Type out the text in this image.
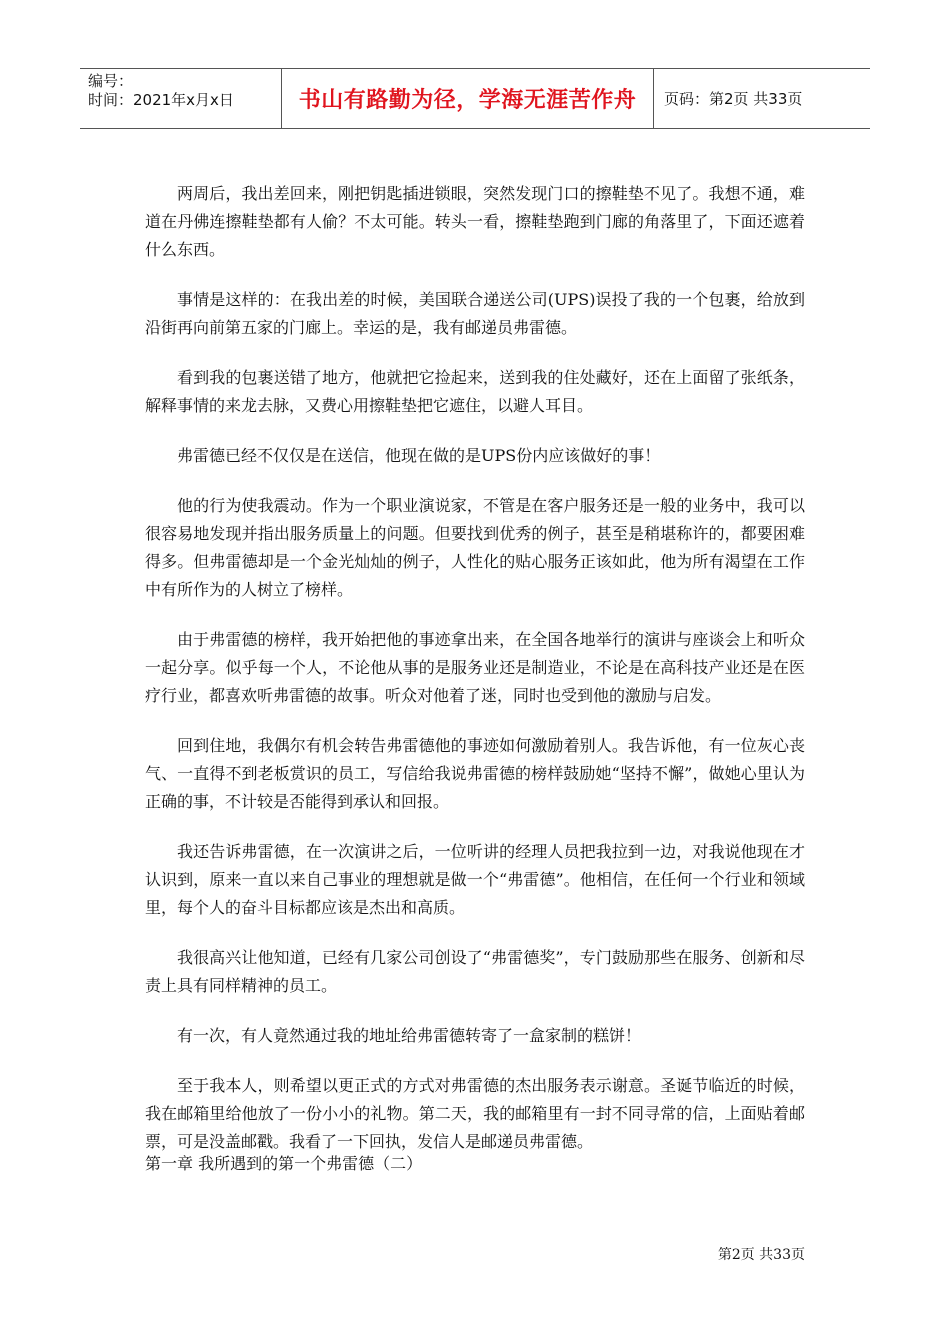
编号：
时间：2021年x月x日	书山有路勤为径，学海无涯苦作舟	页码：第2页 共33页

两周后，我出差回来，刚把钥匙插进锁眼，突然发现门口的擦鞋垫不见了。我想不通，难道在丹佛连擦鞋垫都有人偷？不太可能。转头一看，擦鞋垫跑到门廊的角落里了，下面还遮着什么东西。

事情是这样的：在我出差的时候，美国联合递送公司(UPS)误投了我的一个包裹，给放到沿街再向前第五家的门廊上。幸运的是，我有邮递员弗雷德。

看到我的包裹送错了地方，他就把它捡起来，送到我的住处藏好，还在上面留了张纸条，解释事情的来龙去脉，又费心用擦鞋垫把它遮住，以避人耳目。

弗雷德已经不仅仅是在送信，他现在做的是UPS份内应该做好的事！

他的行为使我震动。作为一个职业演说家，不管是在客户服务还是一般的业务中，我可以很容易地发现并指出服务质量上的问题。但要找到优秀的例子，甚至是稍堪称许的，都要困难得多。但弗雷德却是一个金光灿灿的例子，人性化的贴心服务正该如此，他为所有渴望在工作中有所作为的人树立了榜样。

由于弗雷德的榜样，我开始把他的事迹拿出来，在全国各地举行的演讲与座谈会上和听众一起分享。似乎每一个人，不论他从事的是服务业还是制造业，不论是在高科技产业还是在医疗行业，都喜欢听弗雷德的故事。听众对他着了迷，同时也受到他的激励与启发。

回到住地，我偶尔有机会转告弗雷德他的事迹如何激励着别人。我告诉他，有一位灰心丧气、一直得不到老板赏识的员工，写信给我说弗雷德的榜样鼓励她“坚持不懈”，做她心里认为正确的事，不计较是否能得到承认和回报。

我还告诉弗雷德，在一次演讲之后，一位听讲的经理人员把我拉到一边，对我说他现在才认识到，原来一直以来自己事业的理想就是做一个“弗雷德”。他相信，在任何一个行业和领域里，每个人的奋斗目标都应该是杰出和高质。

我很高兴让他知道，已经有几家公司创设了“弗雷德奖”，专门鼓励那些在服务、创新和尽责上具有同样精神的员工。

有一次，有人竟然通过我的地址给弗雷德转寄了一盒家制的糕饼！

至于我本人，则希望以更正式的方式对弗雷德的杰出服务表示谢意。圣诞节临近的时候，我在邮箱里给他放了一份小小的礼物。第二天，我的邮箱里有一封不同寻常的信，上面贴着邮票，可是没盖邮戳。我看了一下回执，发信人是邮递员弗雷德。

第一章 我所遇到的第一个弗雷德（二）
第2页 共33页
